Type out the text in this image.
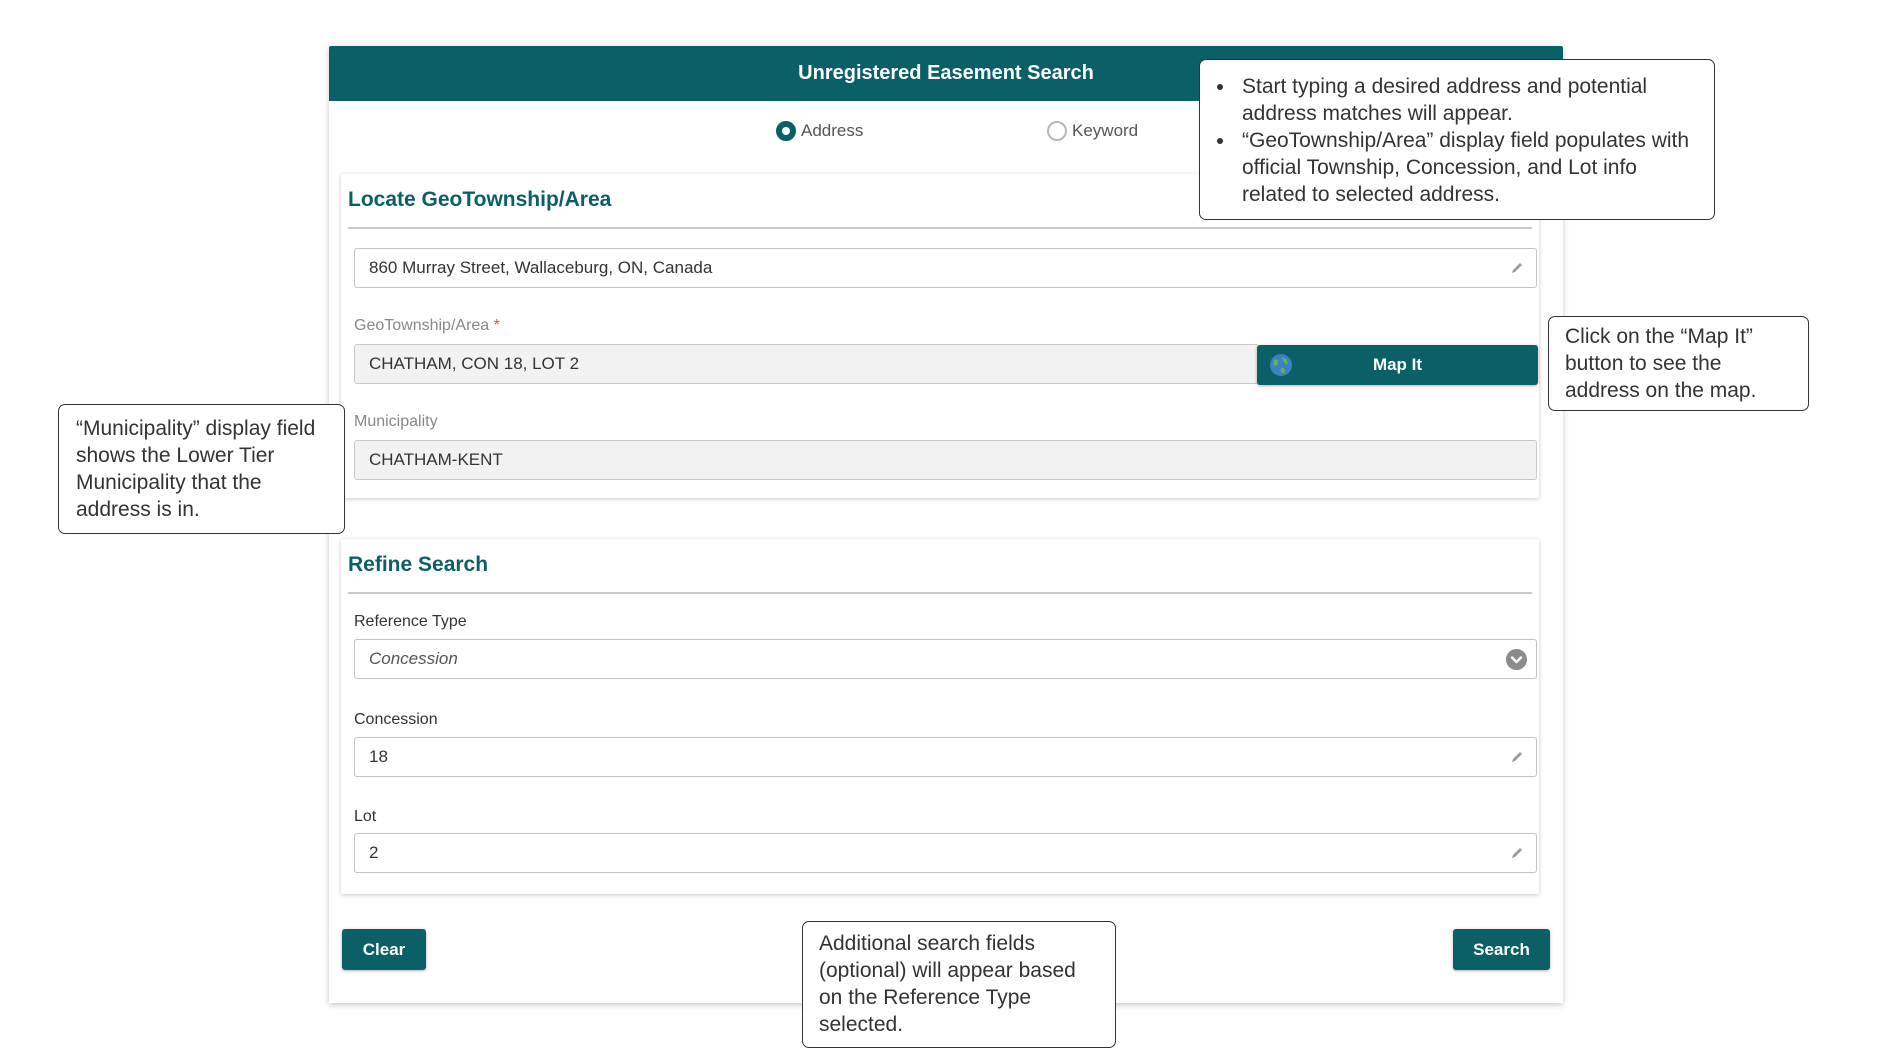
Unregistered Easement Search
Address	Keyword
Locate GeoTownship/Area
860 Murray Street, Wallaceburg, ON, Canada
GeoTownship/Area *
CHATHAM, CON 18, LOT 2
Municipality
CHATHAM-KENT
Refine Search
Reference Type
Concession
Concession
18
Lot
2
Clear	Search
Map It
• Start typing a desired address and potential address matches will appear.
• “GeoTownship/Area” display field populates with official Township, Concession, and Lot info related to selected address.
Click on the “Map It” button to see the address on the map.
“Municipality” display field shows the Lower Tier Municipality that the address is in.
Additional search fields (optional) will appear based on the Reference Type selected.
